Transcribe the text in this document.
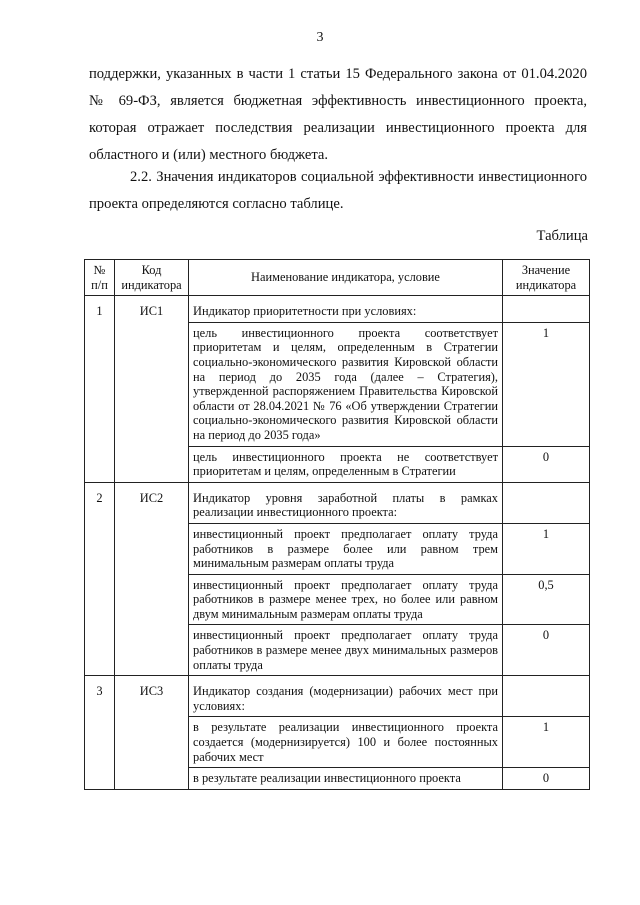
3

поддержки, указанных в части 1 статьи 15 Федерального закона от 01.04.2020 № 69-ФЗ, является бюджетная эффективность инвестиционного проекта, которая отражает последствия реализации инвестиционного проекта для областного и (или) местного бюджета.

2.2. Значения индикаторов социальной эффективности инвестиционного проекта определяются согласно таблице.

Таблица
№ п/п	Код индикатора	Наименование индикатора, условие	Значение индикатора
1	ИС1	Индикатор приоритетности при условиях:	
		цель инвестиционного проекта соответствует приоритетам и целям, определенным в Стратегии социально-экономического развития Кировской области на период до 2035 года (далее – Стратегия), утвержденной распоряжением Правительства Кировской области от 28.04.2021 № 76 «Об утверждении Стратегии социально-экономического развития Кировской области на период до 2035 года»	1
		цель инвестиционного проекта не соответствует приоритетам и целям, определенным в Стратегии	0
2	ИС2	Индикатор уровня заработной платы в рамках реализации инвестиционного проекта:	
		инвестиционный проект предполагает оплату труда работников в размере более или равном трем минимальным размерам оплаты труда	1
		инвестиционный проект предполагает оплату труда работников в размере менее трех, но более или равном двум минимальным размерам оплаты труда	0,5
		инвестиционный проект предполагает оплату труда работников в размере менее двух минимальных размеров оплаты труда	0
3	ИС3	Индикатор создания (модернизации) рабочих мест при условиях:	
		в результате реализации инвестиционного проекта создается (модернизируется) 100 и более постоянных рабочих мест	1
		в результате реализации инвестиционного проекта	0
